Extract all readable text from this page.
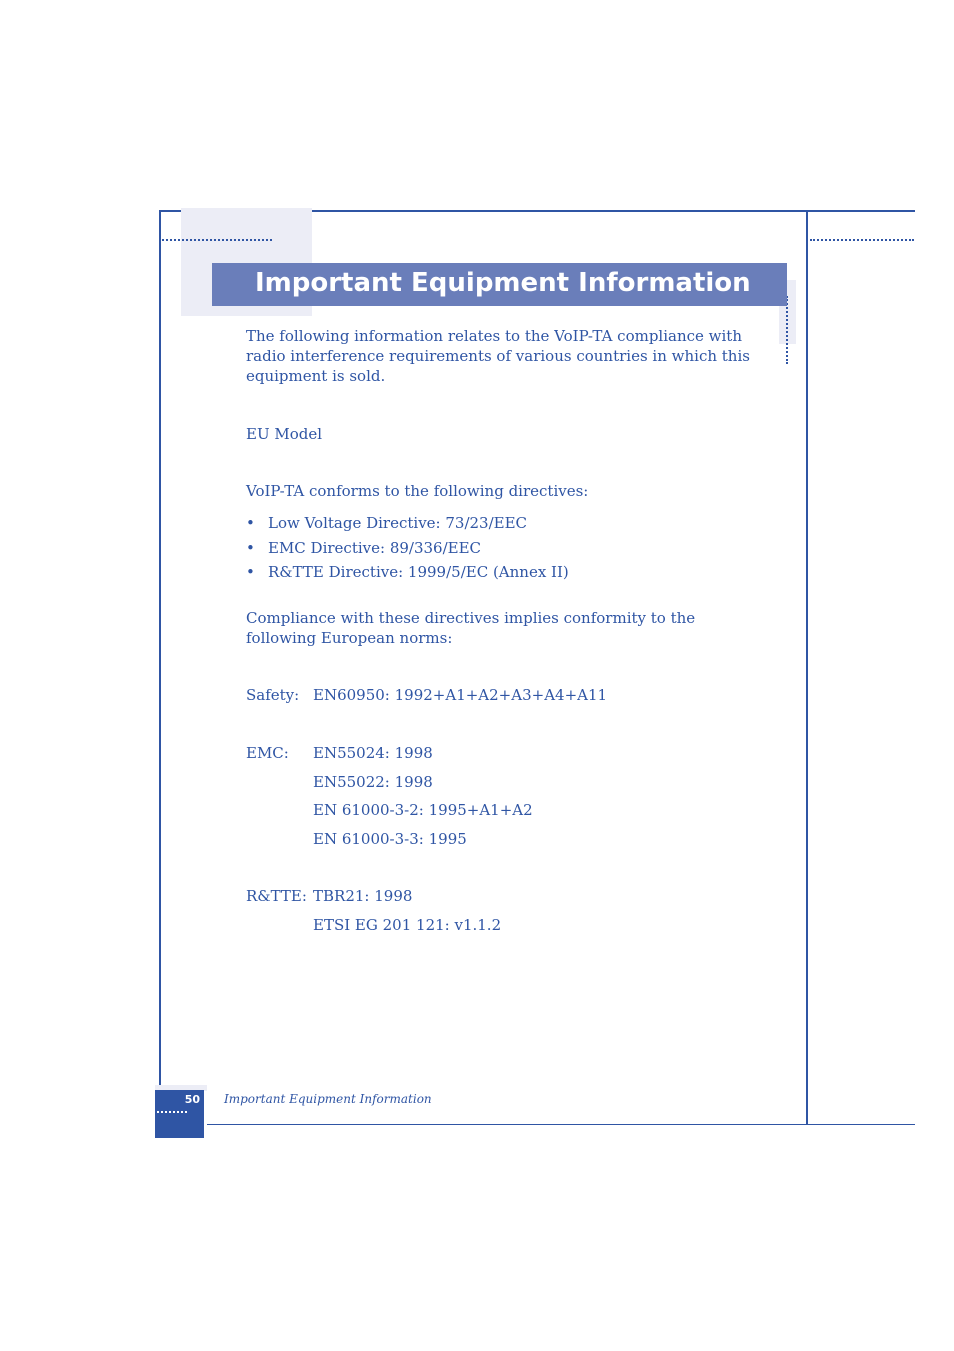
Important Equipment Information

The following information relates to the VoIP-TA compliance with radio interference requirements of various countries in which this equipment is sold.

EU Model

VoIP-TA conforms to the following directives:

• Low Voltage Directive: 73/23/EEC
• EMC Directive: 89/336/EEC
• R&TTE Directive: 1999/5/EC (Annex II)

Compliance with these directives implies conformity to the following European norms:

Safety: EN60950: 1992+A1+A2+A3+A4+A11
EMC: EN55024: 1998
EN55022: 1998
EN 61000-3-2: 1995+A1+A2
EN 61000-3-3: 1995
R&TTE: TBR21: 1998
ETSI EG 201 121: v1.1.2
50 Important Equipment Information
